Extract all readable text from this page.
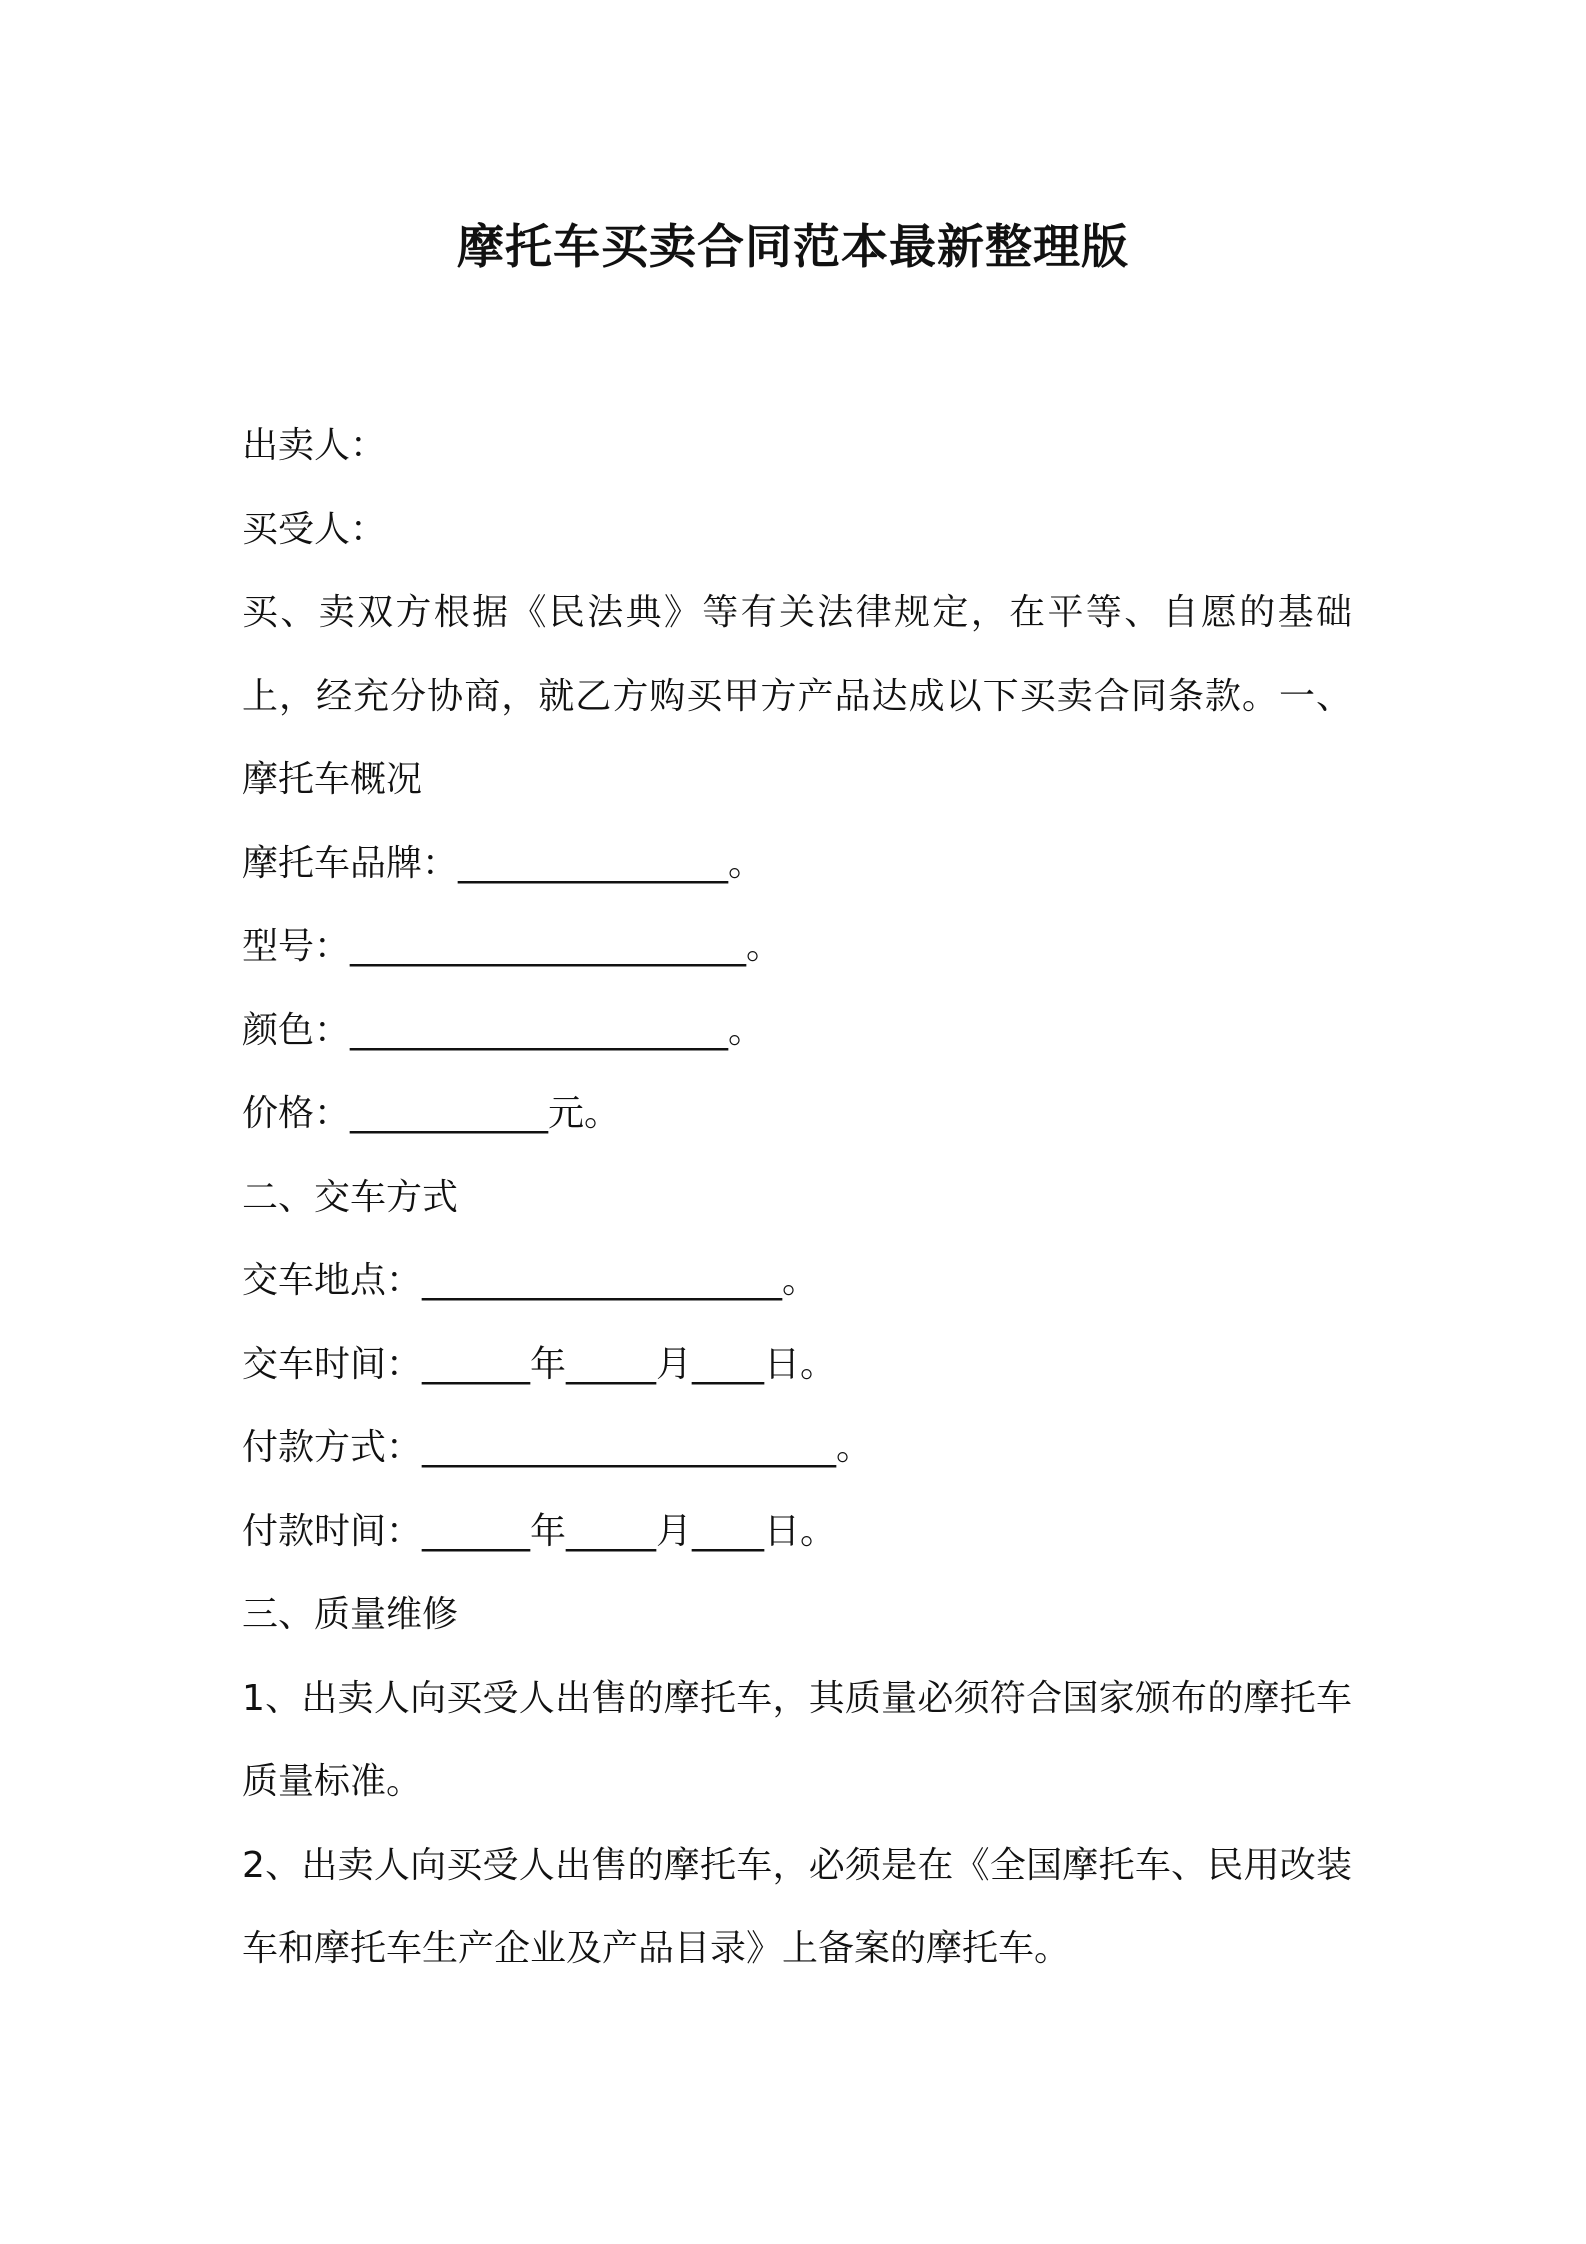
摩托车买卖合同范本最新整理版
出卖人：
买受人：
买、卖双方根据《民法典》等有关法律规定，在平等、自愿的基础上，经充分协商，就乙方购买甲方产品达成以下买卖合同条款。一、摩托车概况
摩托车品牌：_______________。
型号：______________________。
颜色：_____________________。
价格：___________元。
二、交车方式
交车地点：____________________。
交车时间：______年_____月____日。
付款方式：_______________________。
付款时间：______年_____月____日。
三、质量维修
1、出卖人向买受人出售的摩托车，其质量必须符合国家颁布的摩托车质量标准。
2、出卖人向买受人出售的摩托车，必须是在《全国摩托车、民用改装车和摩托车生产企业及产品目录》上备案的摩托车。
